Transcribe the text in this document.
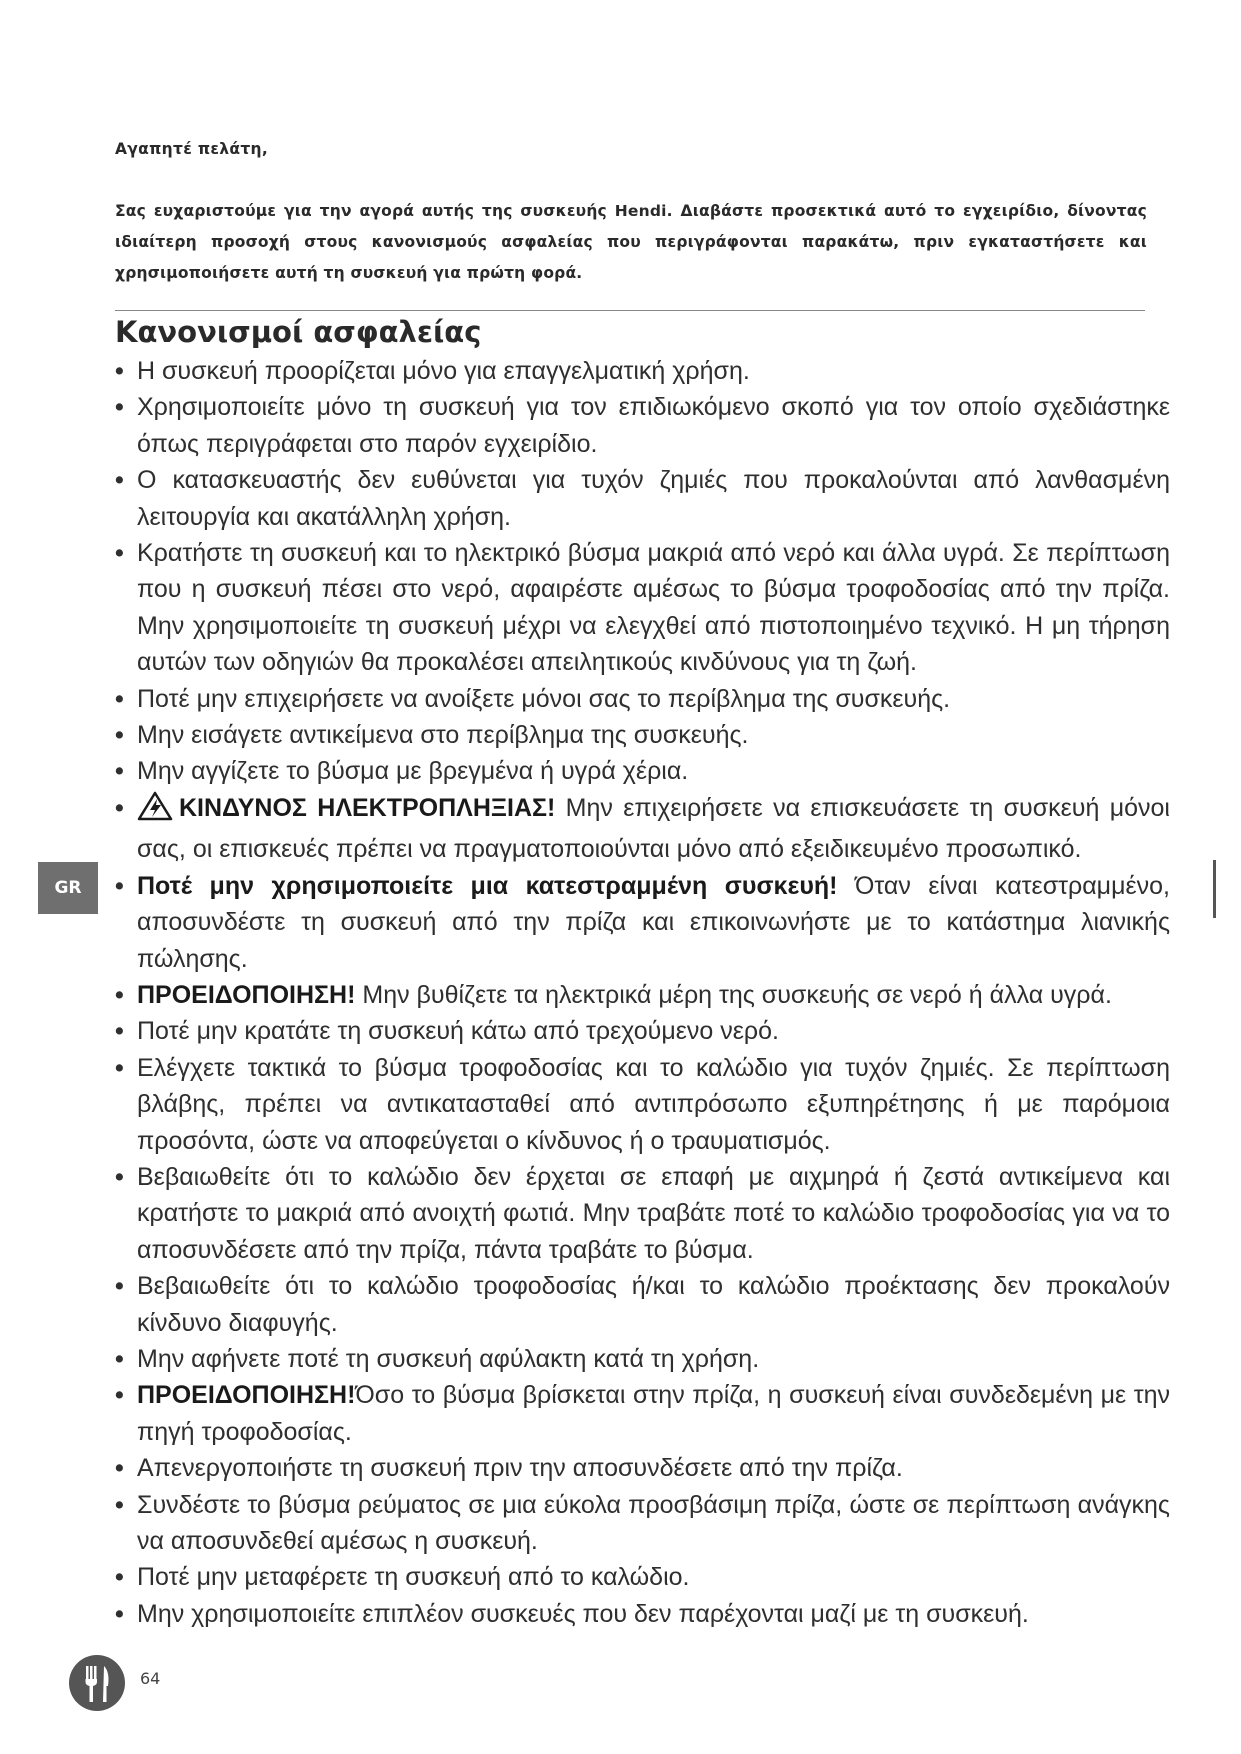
Αγαπητέ πελάτη,

Σας ευχαριστούμε για την αγορά αυτής της συσκευής Hendi. Διαβάστε προσεκτικά αυτό το εγχειρίδιο, δίνοντας ιδιαίτερη προσοχή στους κανονισμούς ασφαλείας που περιγράφονται παρακάτω, πριν εγκαταστήσετε και χρησιμοποιήσετε αυτή τη συσκευή για πρώτη φορά.

Κανονισμοί ασφαλείας
• Η συσκευή προορίζεται μόνο για επαγγελματική χρήση.
• Χρησιμοποιείτε μόνο τη συσκευή για τον επιδιωκόμενο σκοπό για τον οποίο σχεδιάστηκε όπως περιγράφεται στο παρόν εγχειρίδιο.
• Ο κατασκευαστής δεν ευθύνεται για τυχόν ζημιές που προκαλούνται από λανθασμένη λειτουργία και ακατάλληλη χρήση.
• Κρατήστε τη συσκευή και το ηλεκτρικό βύσμα μακριά από νερό και άλλα υγρά. Σε περίπτωση που η συσκευή πέσει στο νερό, αφαιρέστε αμέσως το βύσμα τροφοδοσίας από την πρίζα. Μην χρησιμοποιείτε τη συσκευή μέχρι να ελεγχθεί από πιστοποιημένο τεχνικό. Η μη τήρηση αυτών των οδηγιών θα προκαλέσει απειλητικούς κινδύνους για τη ζωή.
• Ποτέ μην επιχειρήσετε να ανοίξετε μόνοι σας το περίβλημα της συσκευής.
• Μην εισάγετε αντικείμενα στο περίβλημα της συσκευής.
• Μην αγγίζετε το βύσμα με βρεγμένα ή υγρά χέρια.
• ΚΙΝΔΥΝΟΣ ΗΛΕΚΤΡΟΠΛΗΞΙΑΣ! Μην επιχειρήσετε να επισκευάσετε τη συσκευή μόνοι σας, οι επισκευές πρέπει να πραγματοποιούνται μόνο από εξειδικευμένο προσωπικό.
• Ποτέ μην χρησιμοποιείτε μια κατεστραμμένη συσκευή! Όταν είναι κατεστραμμένο, αποσυνδέστε τη συσκευή από την πρίζα και επικοινωνήστε με το κατάστημα λιανικής πώλησης.
• ΠΡΟΕΙΔΟΠΟΙΗΣΗ! Μην βυθίζετε τα ηλεκτρικά μέρη της συσκευής σε νερό ή άλλα υγρά.
• Ποτέ μην κρατάτε τη συσκευή κάτω από τρεχούμενο νερό.
• Ελέγχετε τακτικά το βύσμα τροφοδοσίας και το καλώδιο για τυχόν ζημιές. Σε περίπτωση βλάβης, πρέπει να αντικατασταθεί από αντιπρόσωπο εξυπηρέτησης ή με παρόμοια προσόντα, ώστε να αποφεύγεται ο κίνδυνος ή ο τραυματισμός.
• Βεβαιωθείτε ότι το καλώδιο δεν έρχεται σε επαφή με αιχμηρά ή ζεστά αντικείμενα και κρατήστε το μακριά από ανοιχτή φωτιά. Μην τραβάτε ποτέ το καλώδιο τροφοδοσίας για να το αποσυνδέσετε από την πρίζα, πάντα τραβάτε το βύσμα.
• Βεβαιωθείτε ότι το καλώδιο τροφοδοσίας ή/και το καλώδιο προέκτασης δεν προκαλούν κίνδυνο διαφυγής.
• Μην αφήνετε ποτέ τη συσκευή αφύλακτη κατά τη χρήση.
• ΠΡΟΕΙΔΟΠΟΙΗΣΗ!Όσο το βύσμα βρίσκεται στην πρίζα, η συσκευή είναι συνδεδεμένη με την πηγή τροφοδοσίας.
• Απενεργοποιήστε τη συσκευή πριν την αποσυνδέσετε από την πρίζα.
• Συνδέστε το βύσμα ρεύματος σε μια εύκολα προσβάσιμη πρίζα, ώστε σε περίπτωση ανάγκης να αποσυνδεθεί αμέσως η συσκευή.
• Ποτέ μην μεταφέρετε τη συσκευή από το καλώδιο.
• Μην χρησιμοποιείτε επιπλέον συσκευές που δεν παρέχονται μαζί με τη συσκευή.
GR
64
